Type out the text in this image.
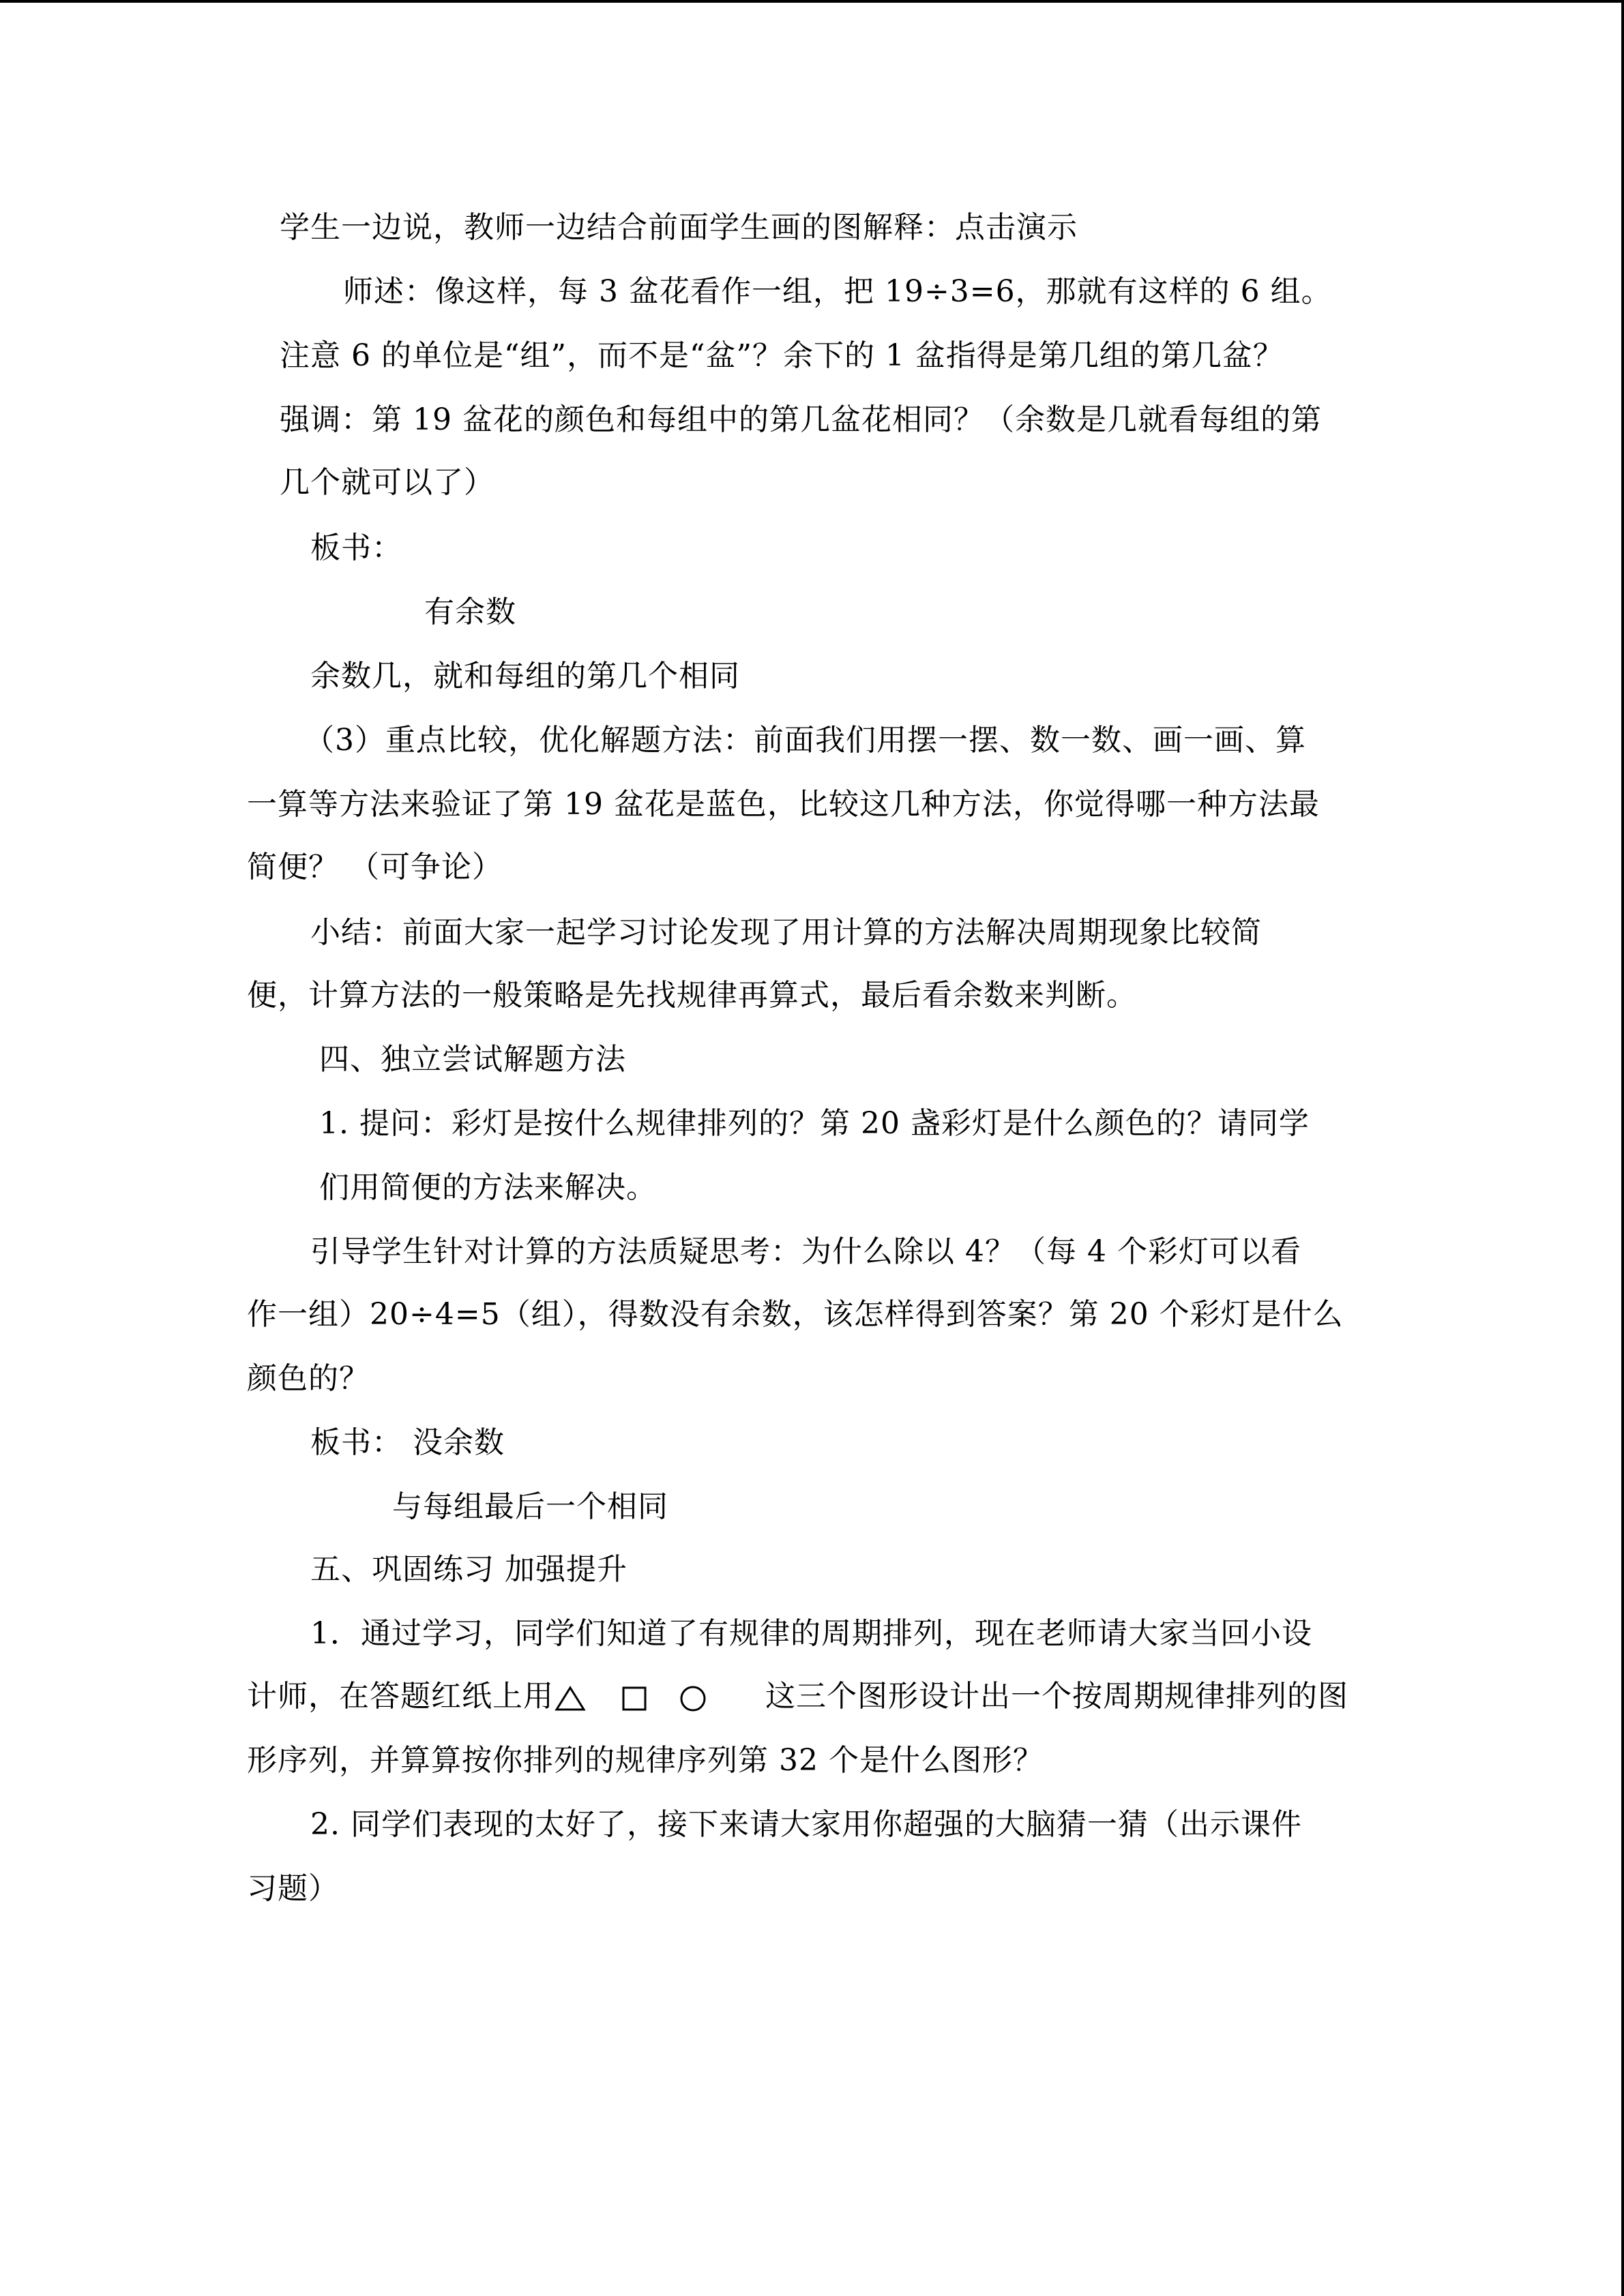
学生一边说，教师一边结合前面学生画的图解释：点击演示
师述：像这样，每 3 盆花看作一组，把 19÷3=6，那就有这样的 6 组。
注意 6 的单位是“组”，而不是“盆”？余下的 1 盆指得是第几组的第几盆？
强调：第 19 盆花的颜色和每组中的第几盆花相同？（余数是几就看每组的第
几个就可以了）
板书：
有余数
余数几，就和每组的第几个相同
（3）重点比较，优化解题方法：前面我们用摆一摆、数一数、画一画、算
一算等方法来验证了第 19 盆花是蓝色，比较这几种方法，你觉得哪一种方法最
简便？ （可争论）
小结：前面大家一起学习讨论发现了用计算的方法解决周期现象比较简
便，计算方法的一般策略是先找规律再算式，最后看余数来判断。
四、独立尝试解题方法
1. 提问：彩灯是按什么规律排列的？第 20 盏彩灯是什么颜色的？请同学
们用简便的方法来解决。
引导学生针对计算的方法质疑思考：为什么除以 4？（每 4 个彩灯可以看
作一组）20÷4=5（组），得数没有余数，该怎样得到答案？第 20 个彩灯是什么
颜色的？
板书： 没余数
与每组最后一个相同
五、巩固练习 加强提升
1．通过学习，同学们知道了有规律的周期排列，现在老师请大家当回小设
计师，在答题红纸上用	这三个图形设计出一个按周期规律排列的图
形序列，并算算按你排列的规律序列第 32 个是什么图形？
2. 同学们表现的太好了，接下来请大家用你超强的大脑猜一猜（出示课件
习题）
